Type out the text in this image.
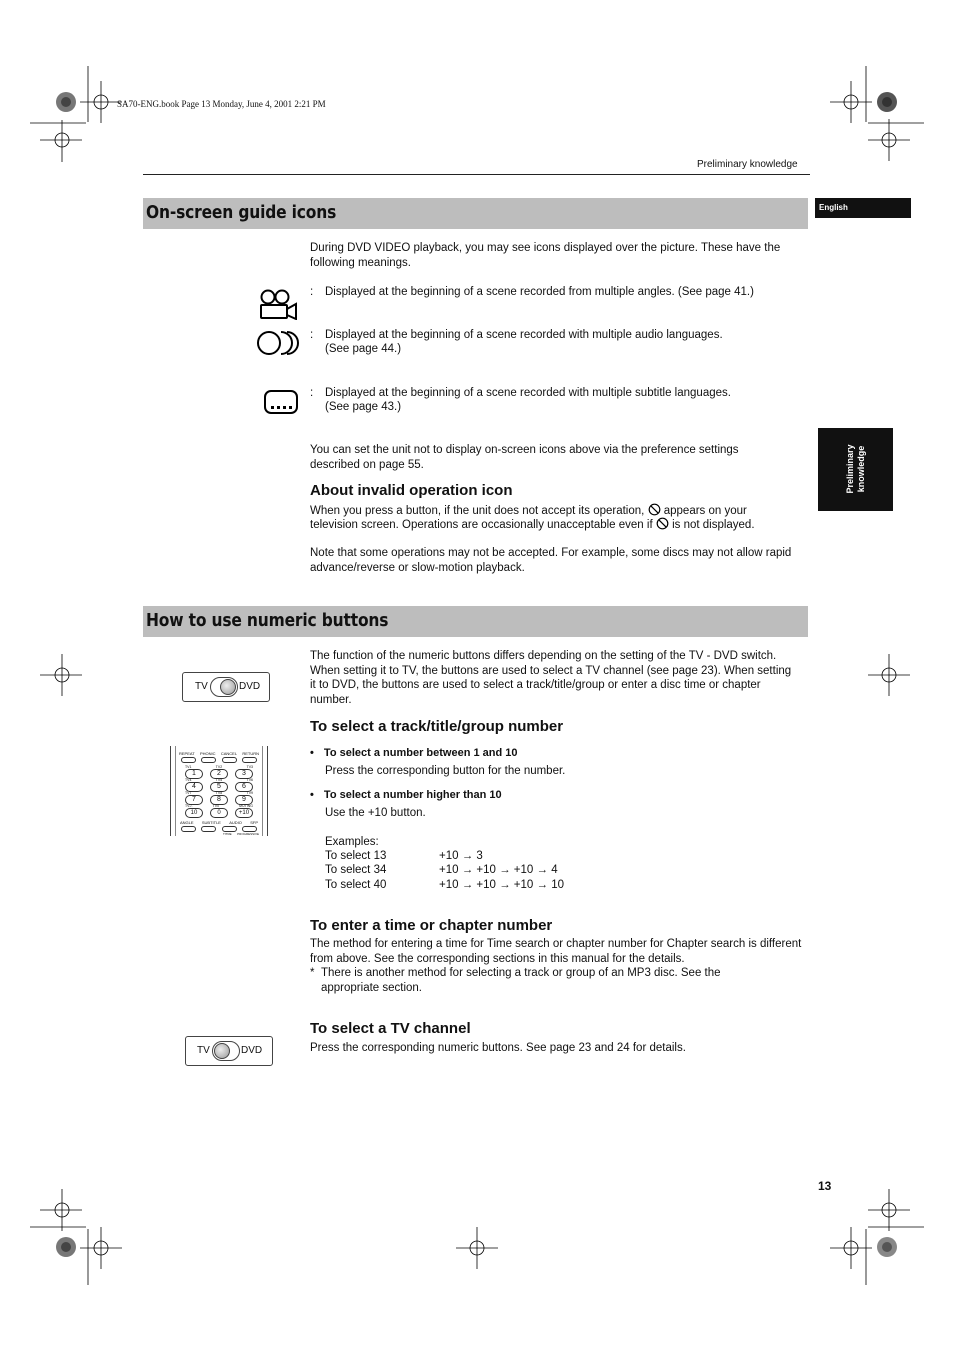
SA70-ENG.book Page 13 Monday, June 4, 2001 2:21 PM
Preliminary knowledge
English
Preliminary knowledge
On-screen guide icons
During DVD VIDEO playback, you may see icons displayed over the picture. These have the following meanings.
: Displayed at the beginning of a scene recorded from multiple angles. (See page 41.)
: Displayed at the beginning of a scene recorded with multiple audio languages.
(See page 44.)
: Displayed at the beginning of a scene recorded with multiple subtitle languages.
(See page 43.)
You can set the unit not to display on-screen icons above via the preference settings described on page 55.
About invalid operation icon
When you press a button, if the unit does not accept its operation, appears on your
television screen. Operations are occasionally unacceptable even if is not displayed.
Note that some operations may not be accepted. For example, some discs may not allow rapid advance/reverse or slow-motion playback.
How to use numeric buttons
The function of the numeric buttons differs depending on the setting of the TV - DVD switch. When setting it to TV, the buttons are used to select a TV channel (see page 23). When setting it to DVD, the buttons are used to select a track/title/group or enter a disc time or chapter number.
TV	DVD
To select a track/title/group number
REPEAT PHONIC CANCEL RETURN
TV1	TV2	TV3
1	2	3
TV4	TV5	TV6
4	5	6
TV7	TV8	TV9
7	8	9
TV-/-	TV0	MUTING
10	0	+10
ANGLE SUBTITLE AUDIO SFP
TITRE PROGRESSIVE
• To select a number between 1 and 10
Press the corresponding button for the number.
• To select a number higher than 10
Use the +10 button.
Examples:
To select 13	+10 → 3
To select 34	+10 → +10 → +10 → 4
To select 40	+10 → +10 → +10 → 10
To enter a time or chapter number
The method for entering a time for Time search or chapter number for Chapter search is different from above. See the corresponding sections in this manual for the details.
* There is another method for selecting a track or group of an MP3 disc. See the appropriate section.
To select a TV channel
TV	DVD	Press the corresponding numeric buttons. See page 23 and 24 for details.
13
